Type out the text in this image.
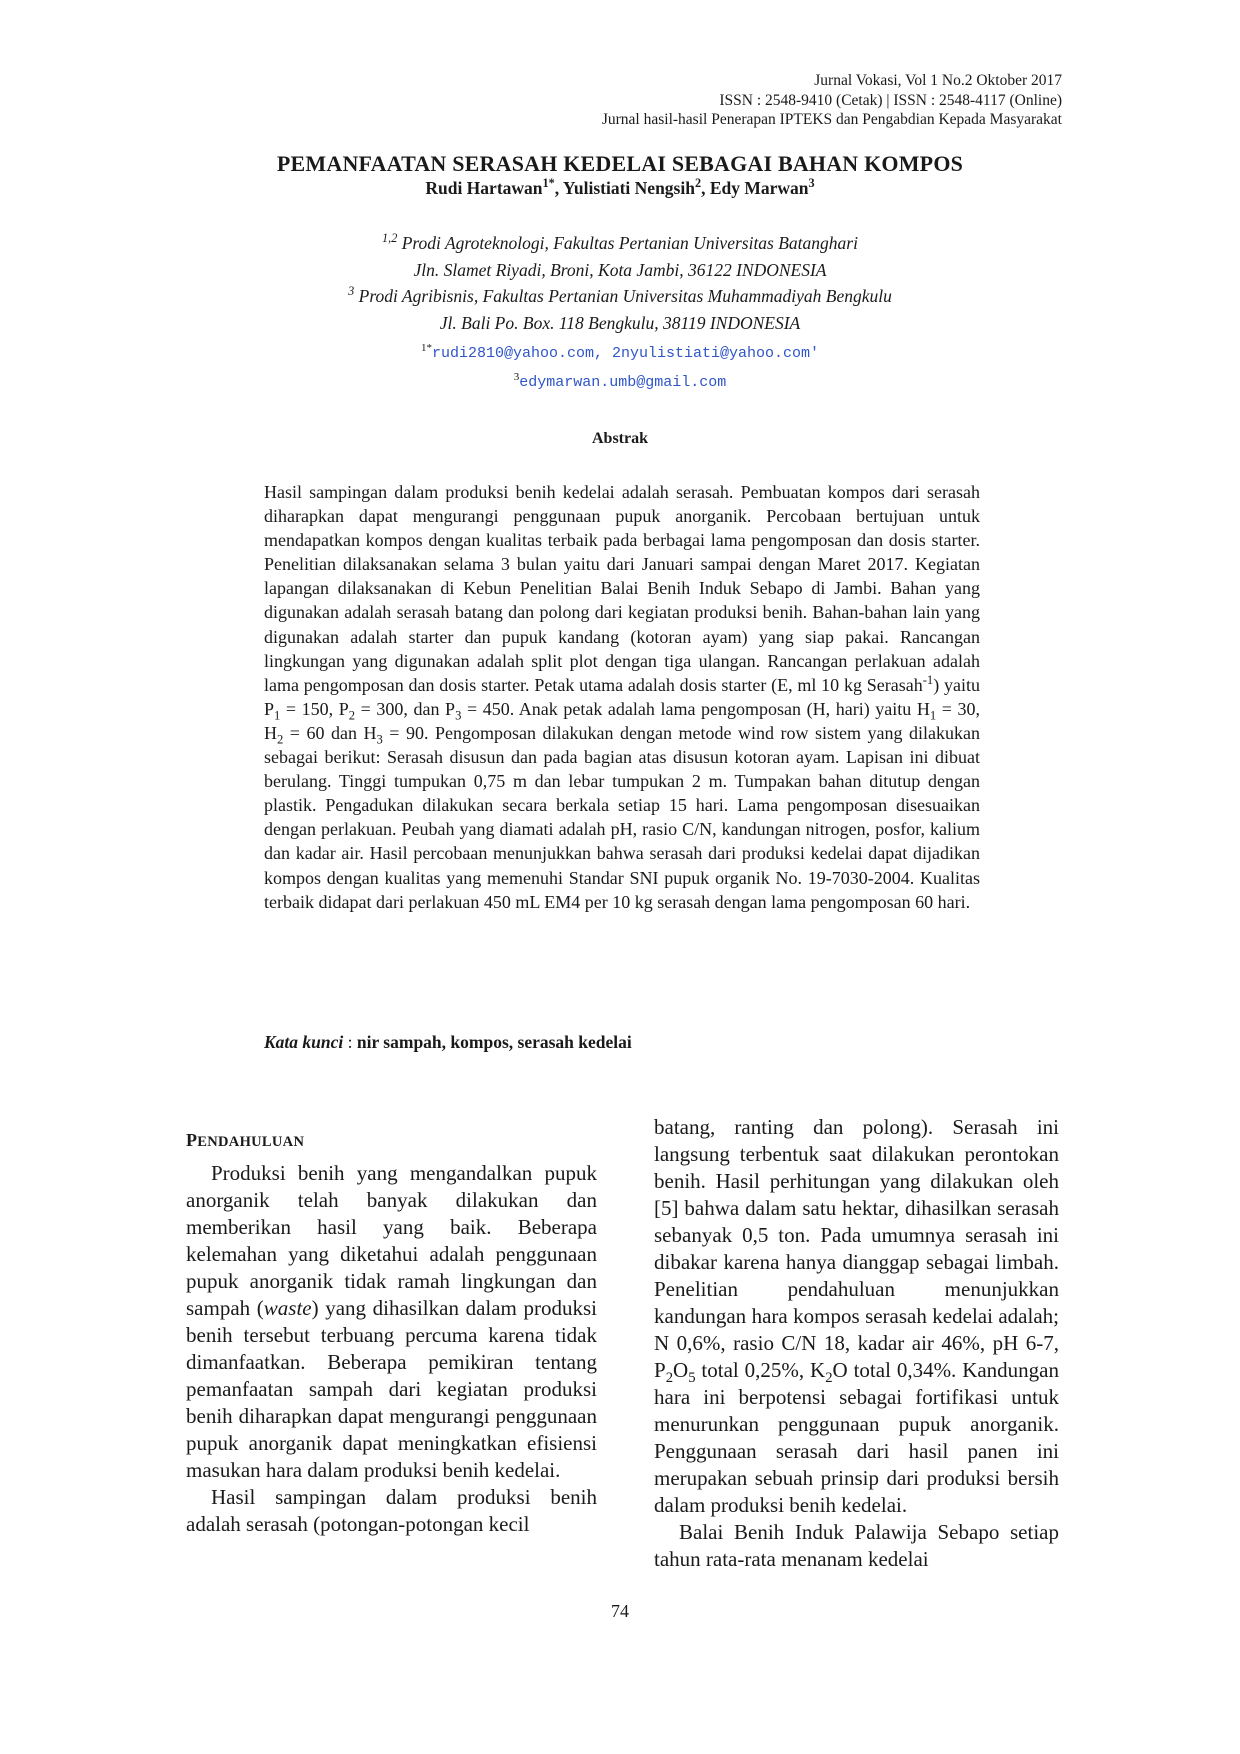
Jurnal Vokasi, Vol 1 No.2 Oktober 2017
ISSN : 2548-9410 (Cetak) | ISSN : 2548-4117 (Online)
Jurnal hasil-hasil Penerapan IPTEKS dan Pengabdian Kepada Masyarakat
PEMANFAATAN SERASAH KEDELAI SEBAGAI BAHAN KOMPOS
Rudi Hartawan$^{1*}$, Yulistiati Nengsih$^2$, Edy Marwan$^3$
$^{1,2}$ Prodi Agroteknologi, Fakultas Pertanian Universitas Batanghari
Jln. Slamet Riyadi, Broni, Kota Jambi, 36122 INDONESIA
$^3$ Prodi Agribisnis, Fakultas Pertanian Universitas Muhammadiyah Bengkulu
Jl. Bali Po. Box. 118 Bengkulu, 38119 INDONESIA
$^{1*}$rudi2810@yahoo.com, 2nyulistiati@yahoo.com'
$^3$edymarwan.umb@gmail.com
Abstrak
Hasil sampingan dalam produksi benih kedelai adalah serasah. Pembuatan kompos dari serasah diharapkan dapat mengurangi penggunaan pupuk anorganik. Percobaan bertujuan untuk mendapatkan kompos dengan kualitas terbaik pada berbagai lama pengomposan dan dosis starter. Penelitian dilaksanakan selama 3 bulan yaitu dari Januari sampai dengan Maret 2017. Kegiatan lapangan dilaksanakan di Kebun Penelitian Balai Benih Induk Sebapo di Jambi. Bahan yang digunakan adalah serasah batang dan polong dari kegiatan produksi benih. Bahan-bahan lain yang digunakan adalah starter dan pupuk kandang (kotoran ayam) yang siap pakai. Rancangan lingkungan yang digunakan adalah split plot dengan tiga ulangan. Rancangan perlakuan adalah lama pengomposan dan dosis starter. Petak utama adalah dosis starter (E, ml 10 kg Serasah$^{-1}$) yaitu $P_1 = 150$, $P_2 = 300$, dan $P_3 = 450$. Anak petak adalah lama pengomposan (H, hari) yaitu $H_1 = 30$, $H_2 = 60$ dan $H_3 = 90$. Pengomposan dilakukan dengan metode wind row sistem yang dilakukan sebagai berikut: Serasah disusun dan pada bagian atas disusun kotoran ayam. Lapisan ini dibuat berulang. Tinggi tumpukan 0,75 m dan lebar tumpukan 2 m. Tumpakan bahan ditutup dengan plastik. Pengadukan dilakukan secara berkala setiap 15 hari. Lama pengomposan disesuaikan dengan perlakuan. Peubah yang diamati adalah pH, rasio C/N, kandungan nitrogen, posfor, kalium dan kadar air. Hasil percobaan menunjukkan bahwa serasah dari produksi kedelai dapat dijadikan kompos dengan kualitas yang memenuhi Standar SNI pupuk organik No. 19-7030-2004. Kualitas terbaik didapat dari perlakuan 450 mL EM4 per 10 kg serasah dengan lama pengomposan 60 hari.
Kata kunci : nir sampah, kompos, serasah kedelai
PENDAHULUAN

Produksi benih yang mengandalkan pupuk anorganik telah banyak dilakukan dan memberikan hasil yang baik. Beberapa kelemahan yang diketahui adalah penggunaan pupuk anorganik tidak ramah lingkungan dan sampah (waste) yang dihasilkan dalam produksi benih tersebut terbuang percuma karena tidak dimanfaatkan. Beberapa pemikiran tentang pemanfaatan sampah dari kegiatan produksi benih diharapkan dapat mengurangi penggunaan pupuk anorganik dapat meningkatkan efisiensi masukan hara dalam produksi benih kedelai.

Hasil sampingan dalam produksi benih adalah serasah (potongan-potongan kecil

batang, ranting dan polong). Serasah ini langsung terbentuk saat dilakukan perontokan benih. Hasil perhitungan yang dilakukan oleh [5] bahwa dalam satu hektar, dihasilkan serasah sebanyak 0,5 ton. Pada umumnya serasah ini dibakar karena hanya dianggap sebagai limbah. Penelitian pendahuluan menunjukkan kandungan hara kompos serasah kedelai adalah; N 0,6%, rasio C/N 18, kadar air 46%, pH 6-7, $P_2O_5$ total 0,25%, $K_2O$ total 0,34%. Kandungan hara ini berpotensi sebagai fortifikasi untuk menurunkan penggunaan pupuk anorganik. Penggunaan serasah dari hasil panen ini merupakan sebuah prinsip dari produksi bersih dalam produksi benih kedelai.

Balai Benih Induk Palawija Sebapo setiap tahun rata-rata menanam kedelai

74
